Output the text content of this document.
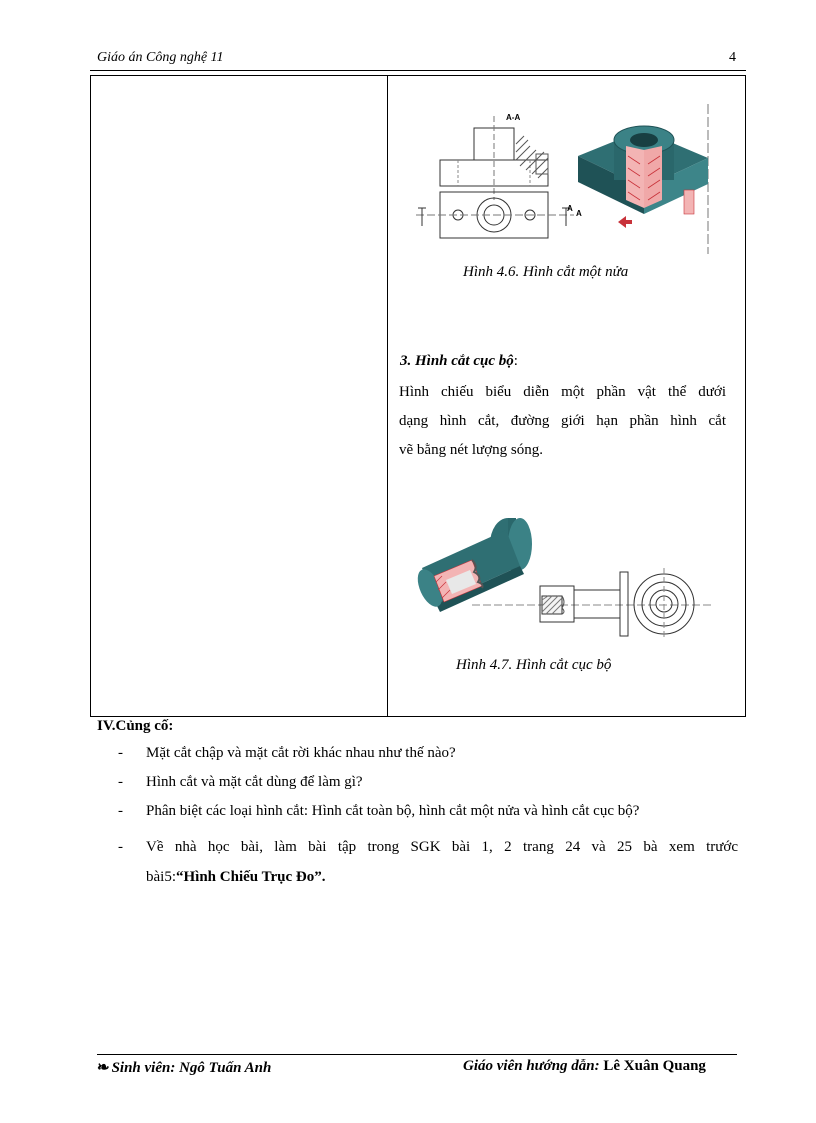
Giáo án Công nghệ 11	4
A-A
A
Hình 4.6. Hình cắt một nửa
A
3. Hình cắt cục bộ:
Hình chiếu biểu diễn một phần vật thể dưới
dạng hình cắt, đường giới hạn phần hình cắt
vẽ bằng nét lượng sóng.
Hình 4.7. Hình cắt cục bộ
IV.Củng cố:
- Mặt cắt chập và mặt cắt rời khác nhau như thế nào?
- Hình cắt và mặt cắt dùng để làm gì?
- Phân biệt các loại hình cắt: Hình cắt toàn bộ, hình cắt một nửa và hình cắt cục bộ?
- Về nhà học bài, làm bài tập trong SGK bài 1, 2 trang 24 và 25 bà xem trước
bài5:“Hình Chiếu Trục Đo”.
❧ Sinh viên: Ngô Tuấn Anh	Giáo viên hướng dẫn: Lê Xuân Quang
